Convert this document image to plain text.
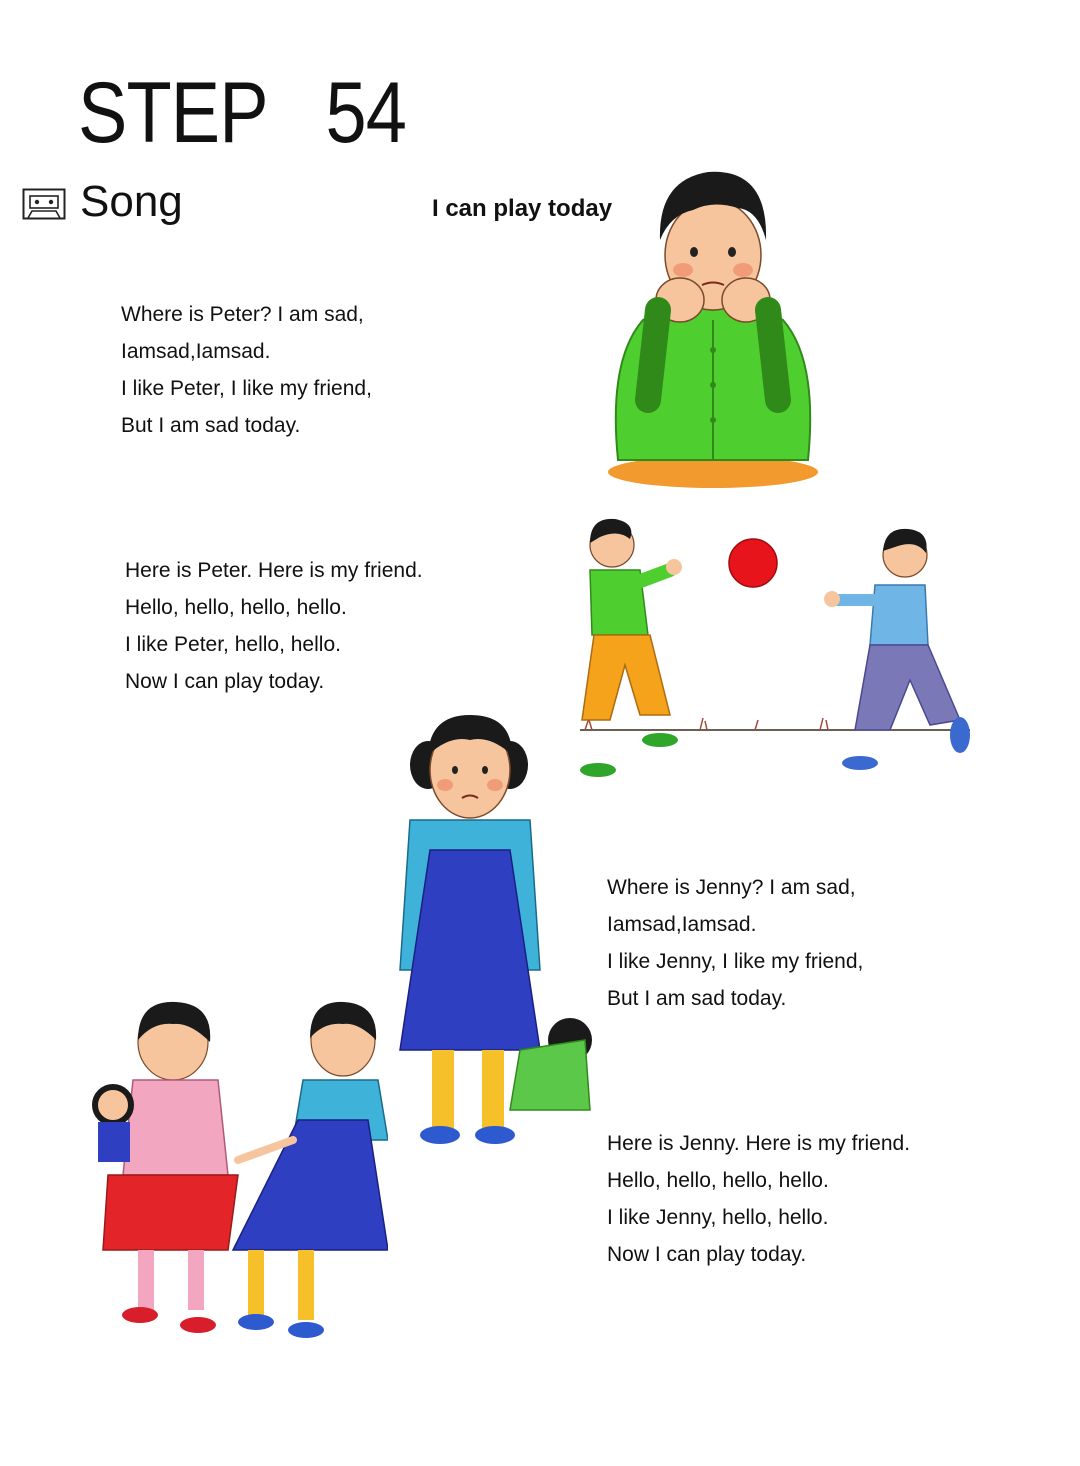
STEP   54
Song	I can play today
Where is Peter? I am sad,
Iamsad,Iamsad.
I like Peter, I like my friend,
But I am sad today.
Here is Peter. Here is my friend.
Hello, hello, hello, hello.
I like Peter, hello, hello.
Now I can play today.
Where is Jenny? I am sad,
Iamsad,Iamsad.
I like Jenny, I like my friend,
But I am sad today.
Here is Jenny. Here is my friend.
Hello, hello, hello, hello.
I like Jenny, hello, hello.
Now I can play today.
